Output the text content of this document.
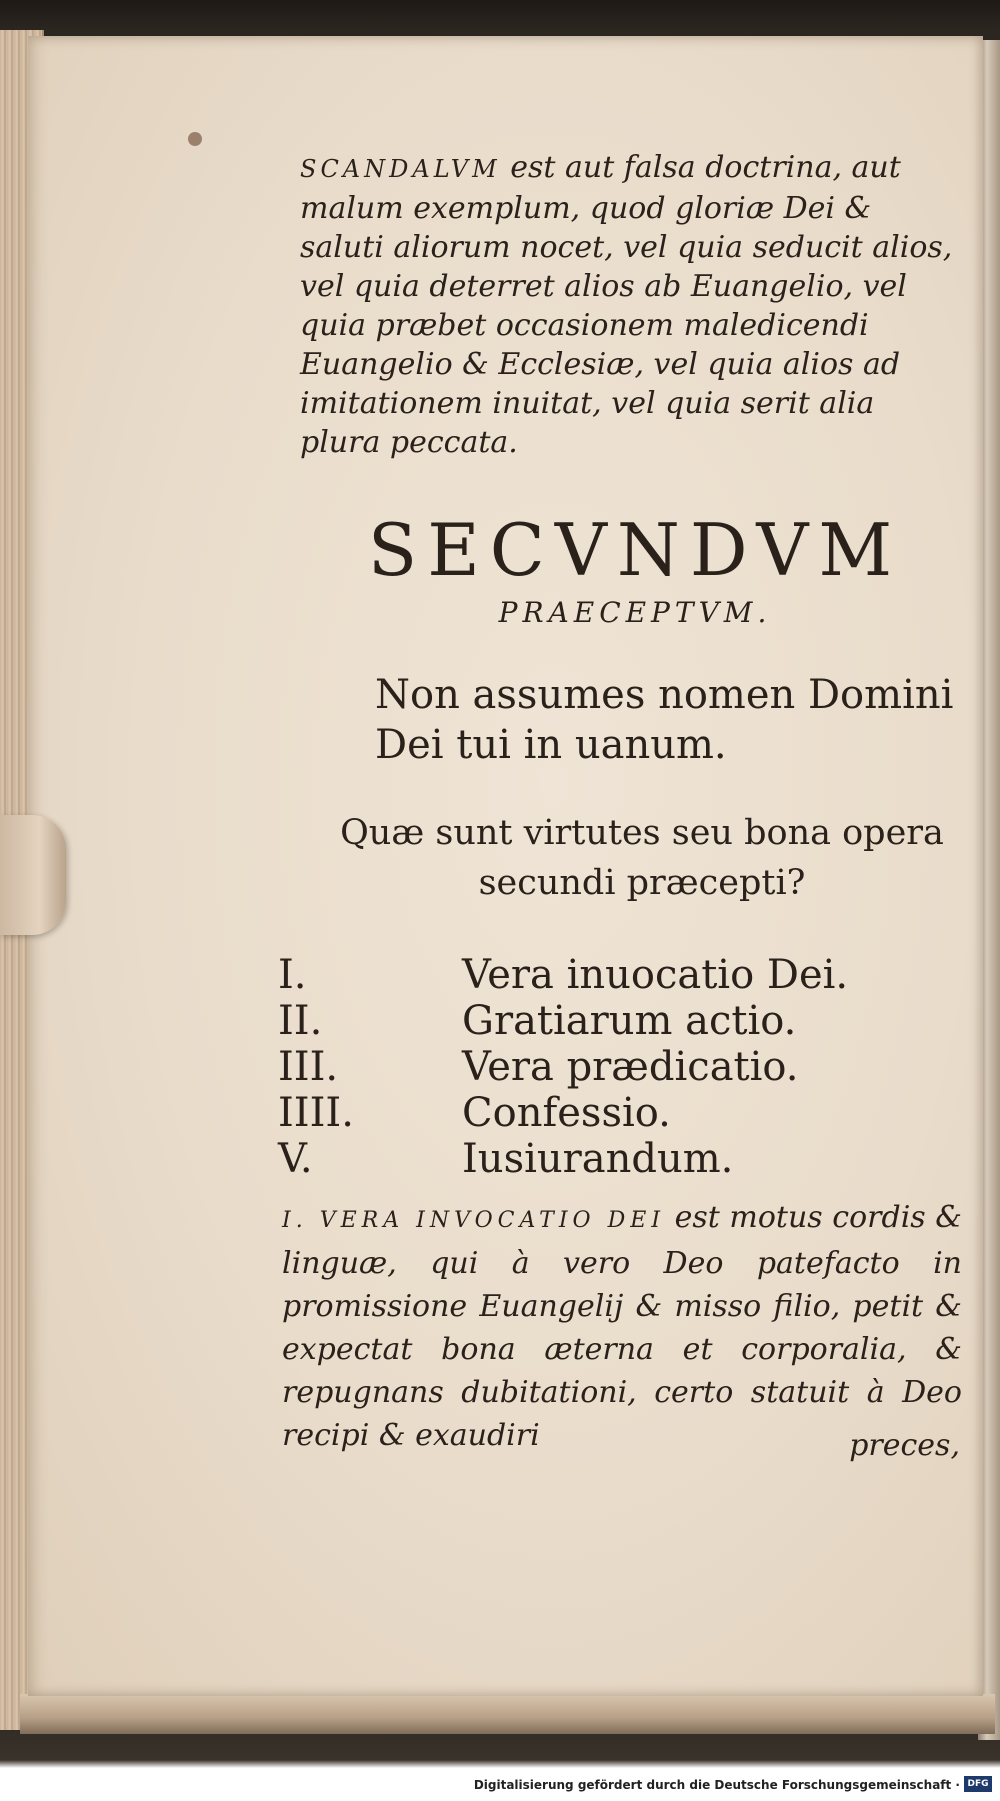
SCANDALVM est aut falsa doctrina, aut malum exemplum, quod gloriæ Dei & saluti aliorum nocet, vel quia seducit alios, vel quia deterret alios ab Euangelio, vel quia præbet occasionem maledicendi Euangelio & Ecclesiæ, vel quia alios ad imitationem inuitat, vel quia serit alia plura peccata.
SECVNDVM
PRAECEPTVM.
Non assumes nomen Domini Dei tui in uanum.
Quæ sunt virtutes seu bona opera secundi præcepti?
I.	Vera inuocatio Dei.
II.	Gratiarum actio.
III.	Vera prædicatio.
IIII.	Confessio.
V.	Iusiurandum.
I. VERA INVOCATIO DEI est motus cordis & linguæ, qui à vero Deo patefacto in promissione Euangelij & misso filio, petit & expectat bona æterna et corporalia, & repugnans dubitationi, certo statuit à Deo recipi & exaudiri	preces,
Digitalisierung gefördert durch die Deutsche Forschungsgemeinschaft · DFG
